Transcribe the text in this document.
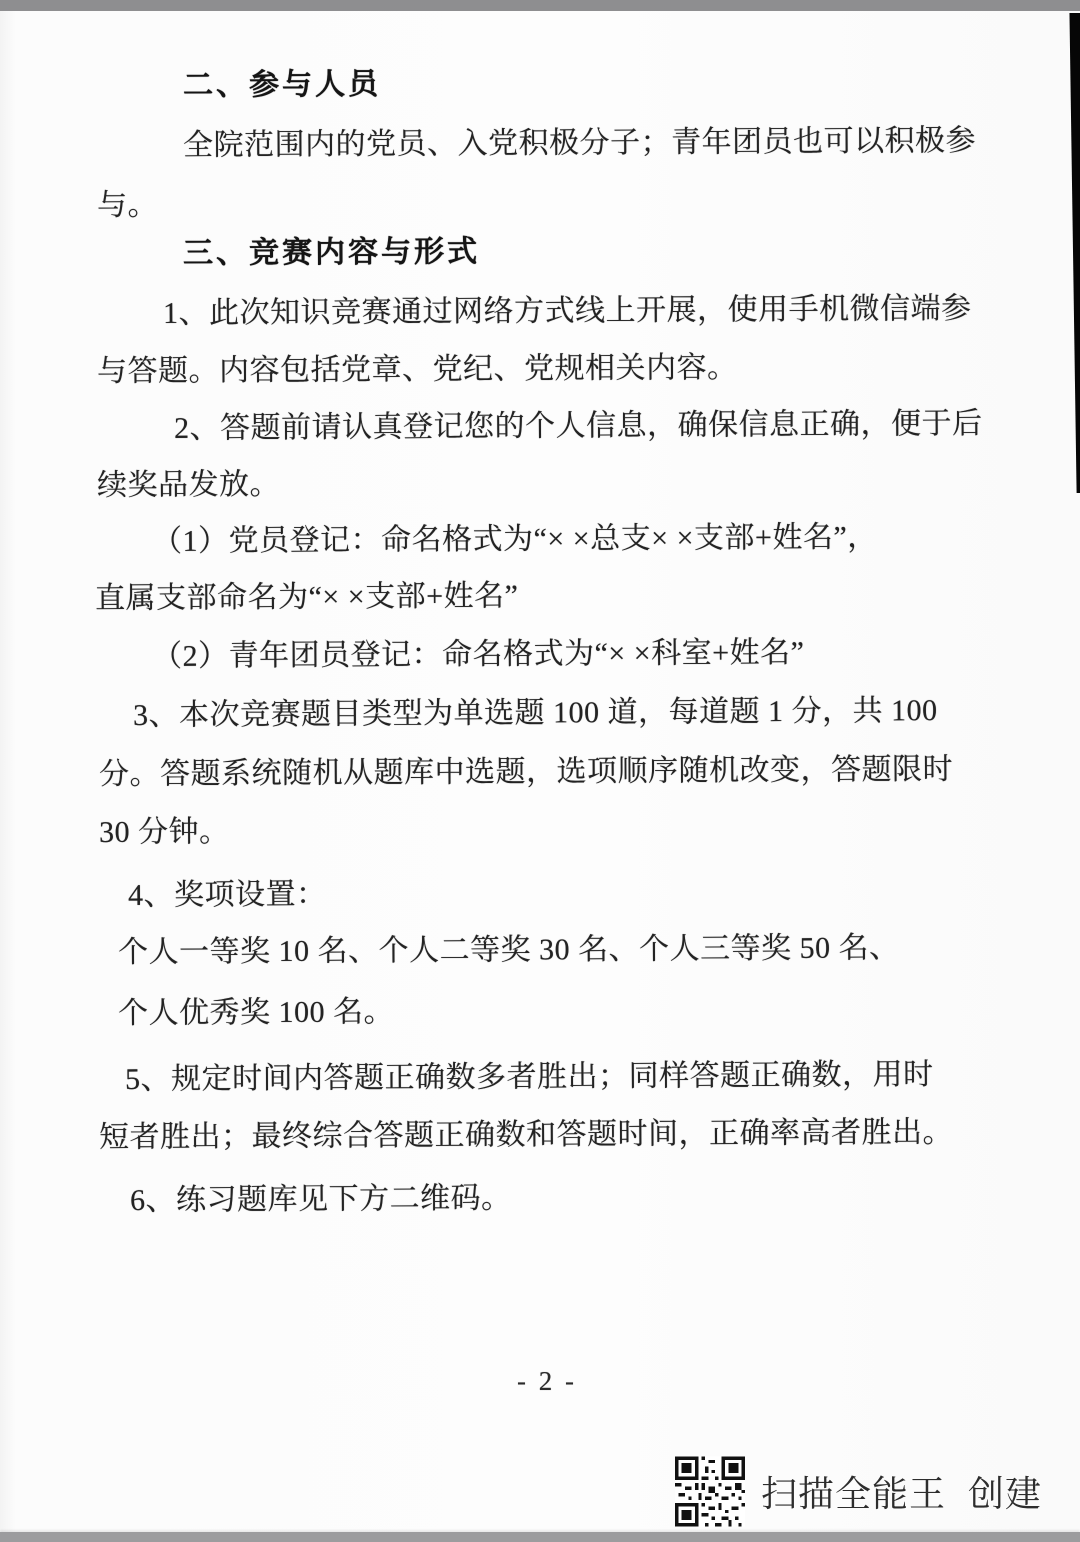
二、参与人员
全院范围内的党员、入党积极分子；青年团员也可以积极参
与。
三、竞赛内容与形式
1、此次知识竞赛通过网络方式线上开展，使用手机微信端参
与答题。内容包括党章、党纪、党规相关内容。
2、答题前请认真登记您的个人信息，确保信息正确，便于后
续奖品发放。
（1）党员登记：命名格式为“× ×总支× ×支部+姓名”，
直属支部命名为“× ×支部+姓名”
（2）青年团员登记：命名格式为“× ×科室+姓名”
3、本次竞赛题目类型为单选题 100 道，每道题 1 分，共 100
分。答题系统随机从题库中选题，选项顺序随机改变，答题限时
30 分钟。
4、奖项设置：
个人一等奖 10 名、个人二等奖 30 名、个人三等奖 50 名、
个人优秀奖 100 名。
5、规定时间内答题正确数多者胜出；同样答题正确数，用时
短者胜出；最终综合答题正确数和答题时间，正确率高者胜出。
6、练习题库见下方二维码。
- 2 -
扫描全能王  创建
